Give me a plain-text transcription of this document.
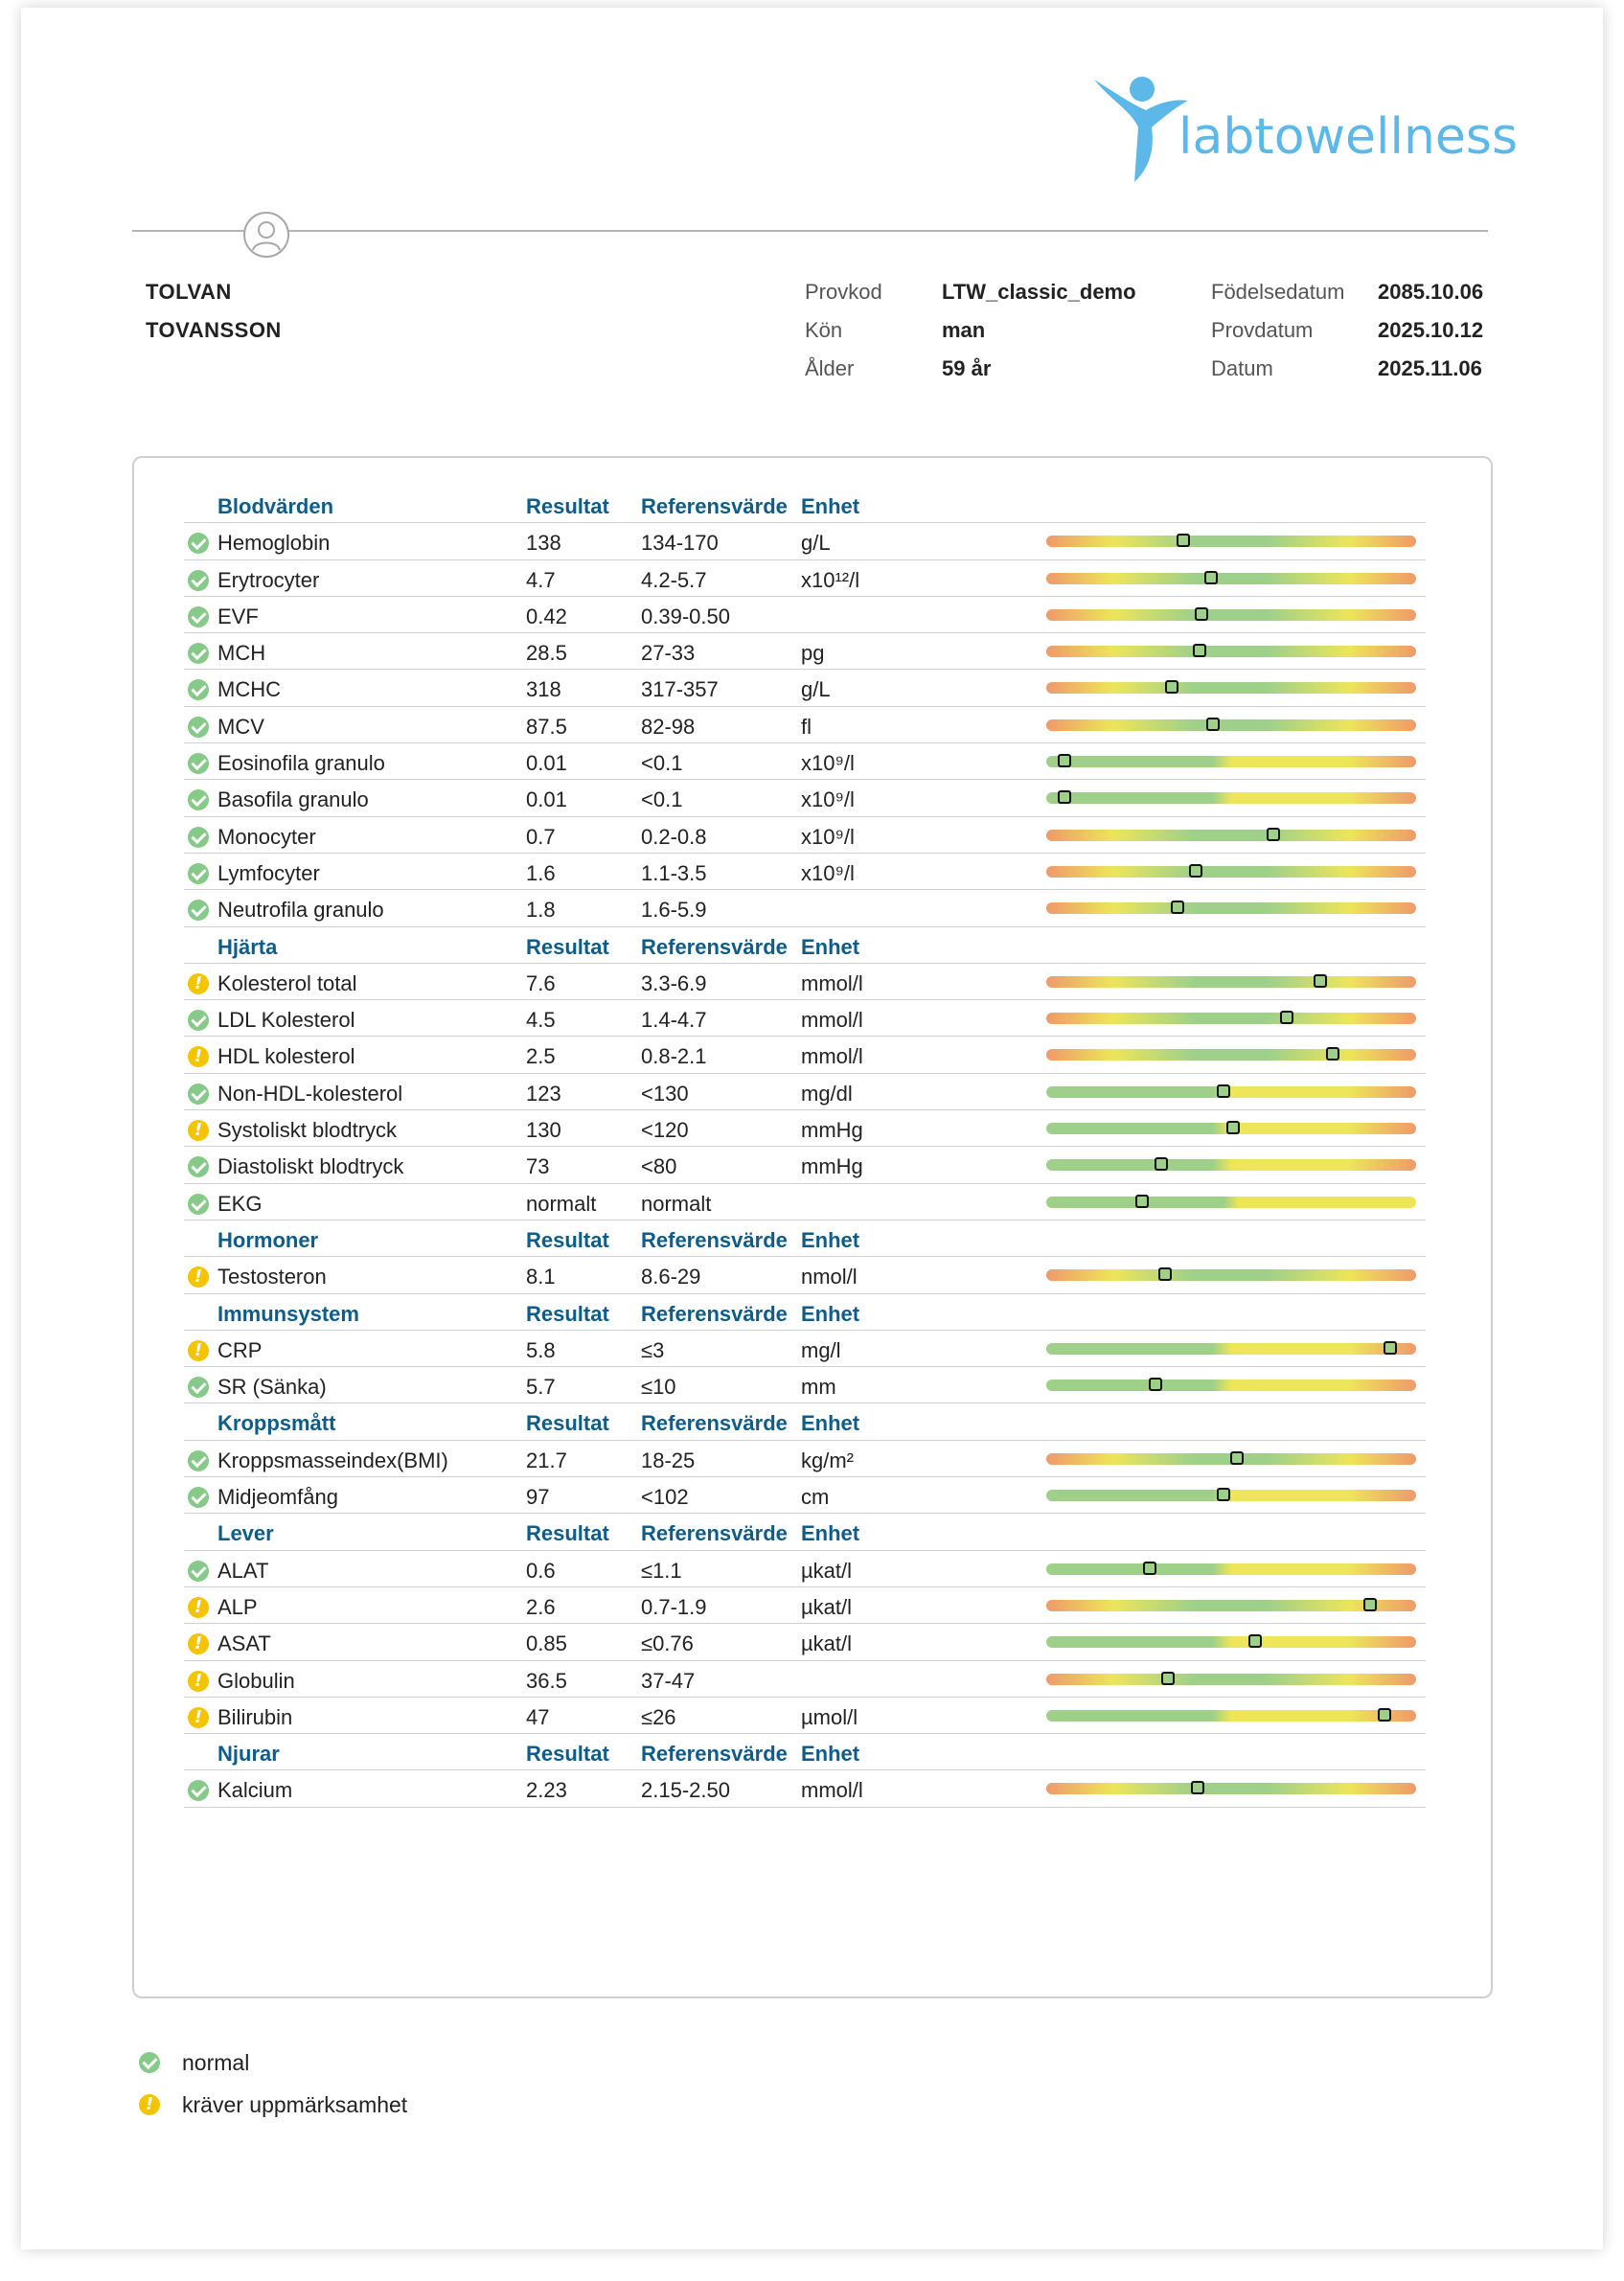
labtowellness
TOLVAN
TOVANSSON
Provkod	LTW_classic_demo
Kön	man
Ålder	59 år
Födelsedatum 2085.10.06
Provdatum	2025.10.12
Datum	2025.11.06
Blodvärden	Resultat Referensvärde Enhet
Hemoglobin	138	134-170	g/L
Erytrocyter	4.7	4.2-5.7	x10¹²/l
EVF	0.42	0.39-0.50
MCH	28.5	27-33	pg
MCHC	318	317-357	g/L
MCV	87.5	82-98	fl
Eosinofila granulo	0.01	<0.1	x10⁹/l
Basofila granulo	0.01	<0.1	x10⁹/l
Monocyter	0.7	0.2-0.8	x10⁹/l
Lymfocyter	1.6	1.1-3.5	x10⁹/l
Neutrofila granulo	1.8	1.6-5.9
Hjärta	Resultat Referensvärde Enhet
!
Kolesterol total	7.6	3.3-6.9	mmol/l
LDL Kolesterol	4.5	1.4-4.7	mmol/l
!
HDL kolesterol	2.5	0.8-2.1	mmol/l
Non-HDL-kolesterol	123	<130	mg/dl
!
Systoliskt blodtryck	130	<120	mmHg
Diastoliskt blodtryck	73	<80	mmHg
EKG	normalt normalt
Hormoner	Resultat Referensvärde Enhet
!
Testosteron	8.1	8.6-29	nmol/l
Immunsystem	Resultat Referensvärde Enhet
!
CRP	5.8	≤3	mg/l
SR (Sänka)	5.7	≤10	mm
Kroppsmått	Resultat Referensvärde Enhet
Kroppsmasseindex(BMI)	21.7	18-25	kg/m²
Midjeomfång	97	<102	cm
Lever	Resultat Referensvärde Enhet
ALAT	0.6	≤1.1	µkat/l
!
ALP	2.6	0.7-1.9	µkat/l
!
ASAT	0.85	≤0.76	µkat/l
!
Globulin	36.5	37-47
!
Bilirubin	47	≤26	µmol/l
Njurar	Resultat Referensvärde Enhet
Kalcium	2.23	2.15-2.50	mmol/l
normal
!
kräver uppmärksamhet
